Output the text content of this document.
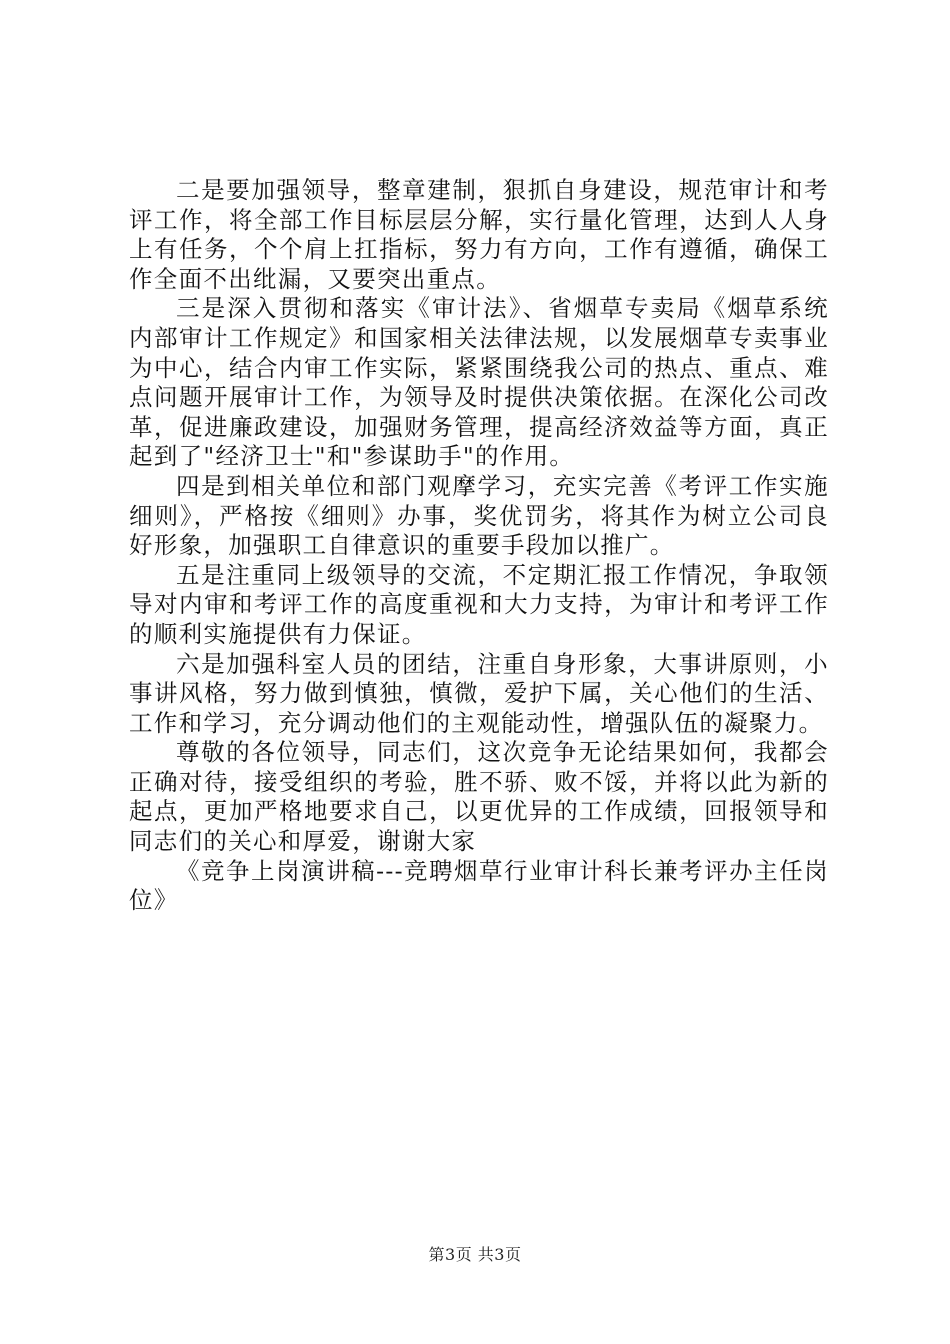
二是要加强领导，整章建制，狠抓自身建设，规范审计和考评工作，将全部工作目标层层分解，实行量化管理，达到人人身上有任务，个个肩上扛指标，努力有方向，工作有遵循，确保工作全面不出纰漏，又要突出重点。

三是深入贯彻和落实《审计法》、省烟草专卖局《烟草系统内部审计工作规定》和国家相关法律法规，以发展烟草专卖事业为中心，结合内审工作实际，紧紧围绕我公司的热点、重点、难点问题开展审计工作，为领导及时提供决策依据。在深化公司改革，促进廉政建设，加强财务管理，提高经济效益等方面，真正起到了"经济卫士"和"参谋助手"的作用。

四是到相关单位和部门观摩学习，充实完善《考评工作实施细则》，严格按《细则》办事，奖优罚劣，将其作为树立公司良好形象，加强职工自律意识的重要手段加以推广。

五是注重同上级领导的交流，不定期汇报工作情况，争取领导对内审和考评工作的高度重视和大力支持，为审计和考评工作的顺利实施提供有力保证。

六是加强科室人员的团结，注重自身形象，大事讲原则，小事讲风格，努力做到慎独，慎微，爱护下属，关心他们的生活、工作和学习，充分调动他们的主观能动性，增强队伍的凝聚力。

尊敬的各位领导，同志们，这次竞争无论结果如何，我都会正确对待，接受组织的考验，胜不骄、败不馁，并将以此为新的起点，更加严格地要求自己，以更优异的工作成绩，回报领导和同志们的关心和厚爱，谢谢大家

《竞争上岗演讲稿---竞聘烟草行业审计科长兼考评办主任岗位》

第3页 共3页
